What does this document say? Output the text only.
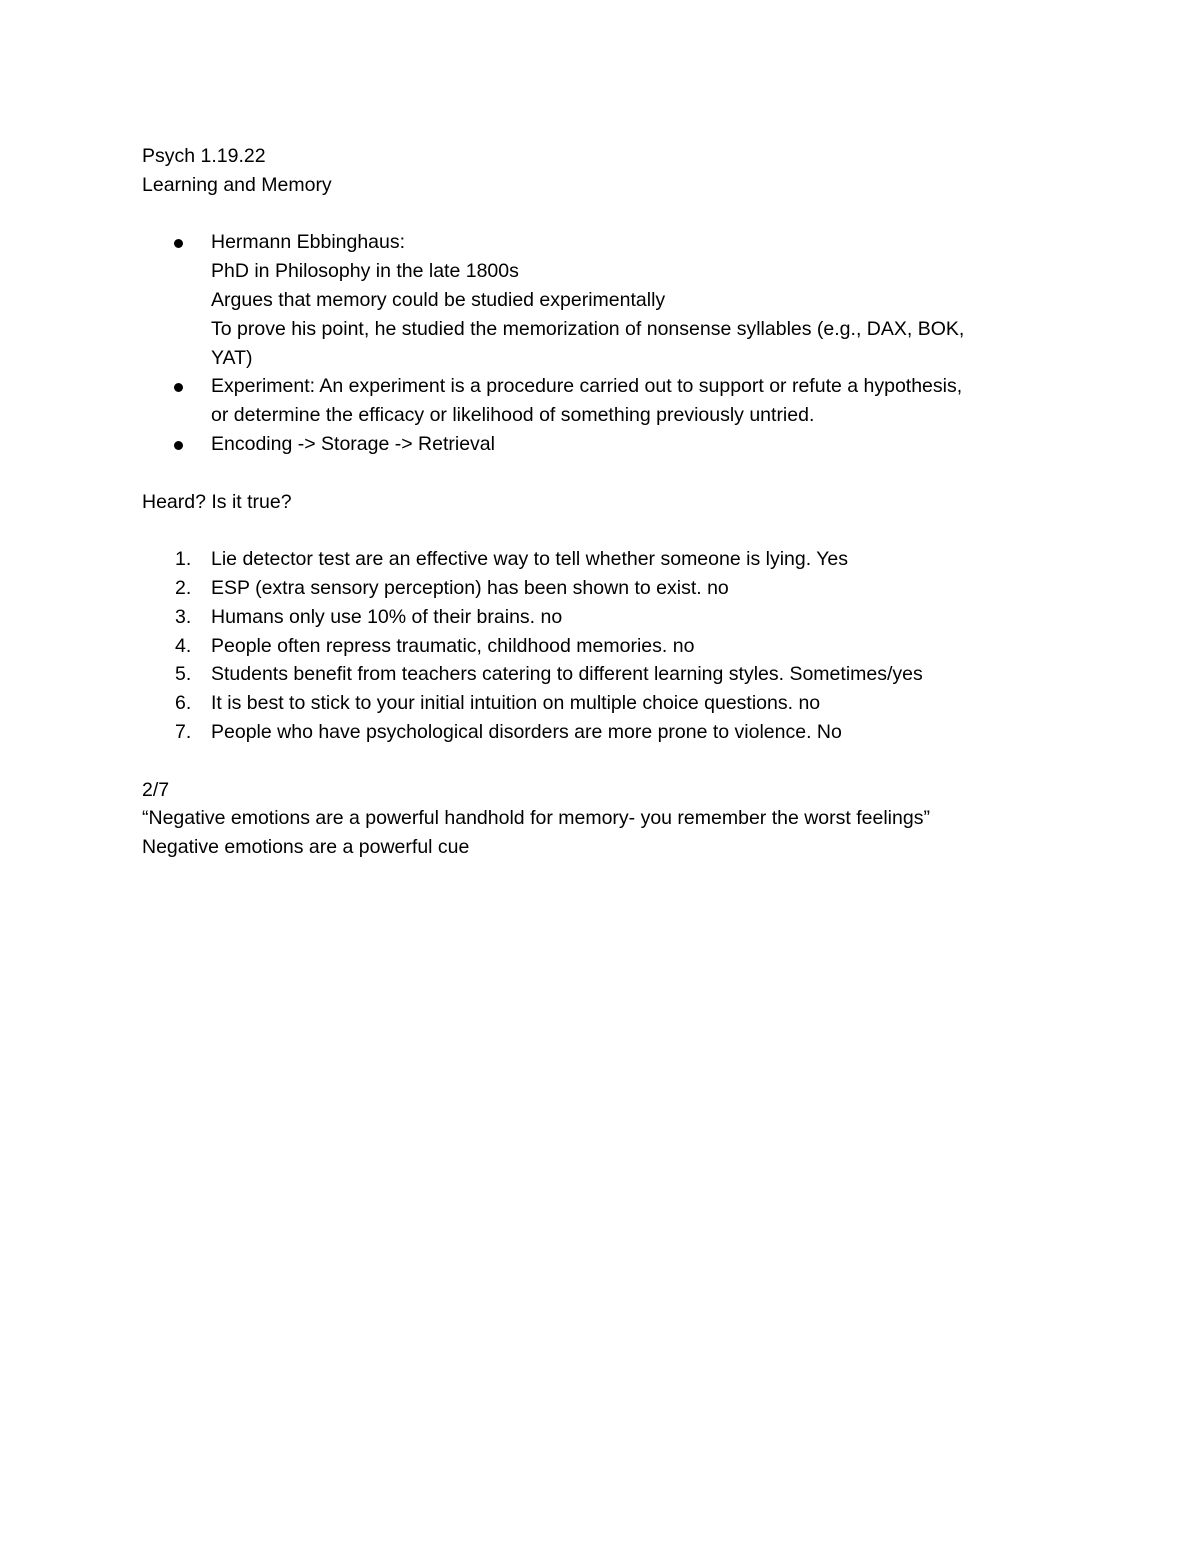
Psych 1.19.22
Learning and Memory
Hermann Ebbinghaus:
PhD in Philosophy in the late 1800s
Argues that memory could be studied experimentally
To prove his point, he studied the memorization of nonsense syllables (e.g., DAX, BOK,
YAT)
Experiment: An experiment is a procedure carried out to support or refute a hypothesis,
or determine the efficacy or likelihood of something previously untried.
Encoding -> Storage -> Retrieval
Heard? Is it true?
1. Lie detector test are an effective way to tell whether someone is lying. Yes
2. ESP (extra sensory perception) has been shown to exist. no
3. Humans only use 10% of their brains. no
4. People often repress traumatic, childhood memories. no
5. Students benefit from teachers catering to different learning styles. Sometimes/yes
6. It is best to stick to your initial intuition on multiple choice questions. no
7. People who have psychological disorders are more prone to violence. No
2/7
“Negative emotions are a powerful handhold for memory- you remember the worst feelings”
Negative emotions are a powerful cue
